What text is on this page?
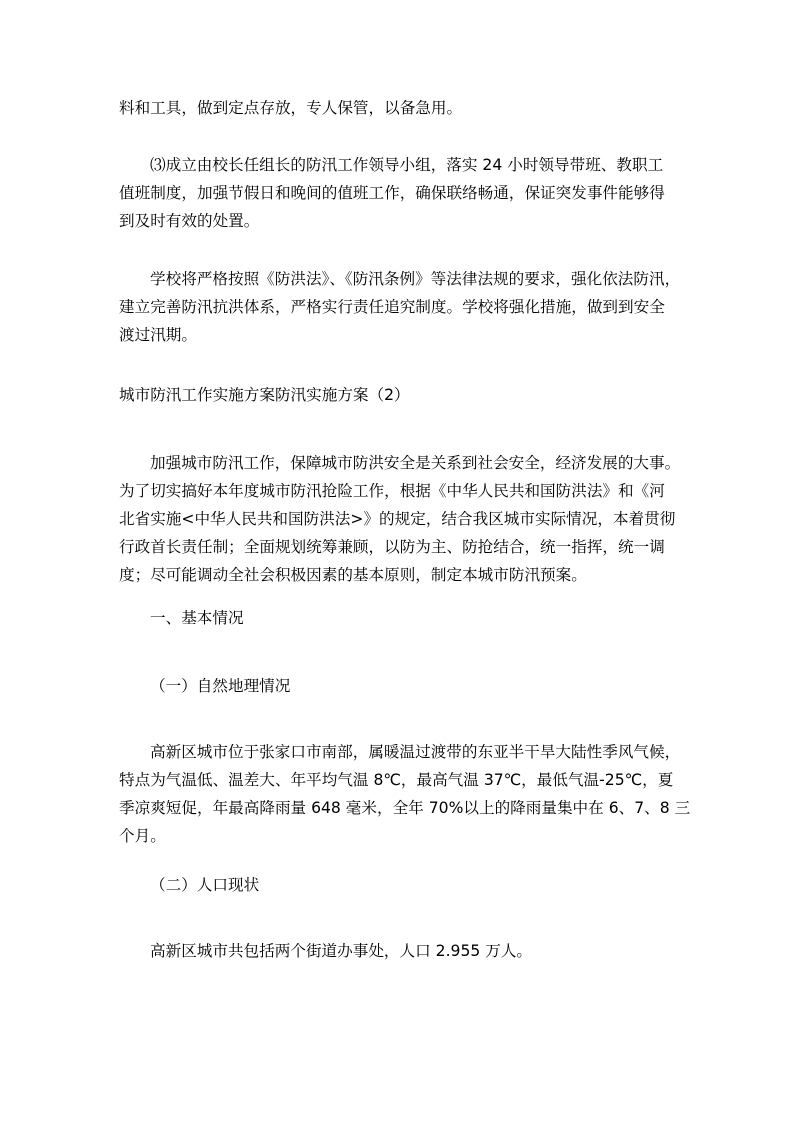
料和工具，做到定点存放，专人保管，以备急用。

⑶成立由校长任组长的防汛工作领导小组，落实 24 小时领导带班、教职工
值班制度，加强节假日和晚间的值班工作，确保联络畅通，保证突发事件能够得
到及时有效的处置。

学校将严格按照《防洪法》、《防汛条例》等法律法规的要求，强化依法防汛，
建立完善防汛抗洪体系，严格实行责任追究制度。学校将强化措施，做到到安全
渡过汛期。

城市防汛工作实施方案防汛实施方案（2）

加强城市防汛工作，保障城市防洪安全是关系到社会安全，经济发展的大事。
为了切实搞好本年度城市防汛抢险工作，根据《中华人民共和国防洪法》和《河
北省实施<中华人民共和国防洪法>》的规定，结合我区城市实际情况，本着贯彻
行政首长责任制；全面规划统筹兼顾，以防为主、防抢结合，统一指挥，统一调
度；尽可能调动全社会积极因素的基本原则，制定本城市防汛预案。

一、基本情况

（一）自然地理情况

高新区城市位于张家口市南部，属暖温过渡带的东亚半干旱大陆性季风气候，
特点为气温低、温差大、年平均气温 8℃，最高气温 37℃，最低气温-25℃，夏
季凉爽短促，年最高降雨量 648 毫米，全年 70%以上的降雨量集中在 6、7、8 三
个月。

（二）人口现状

高新区城市共包括两个街道办事处，人口 2.955 万人。
